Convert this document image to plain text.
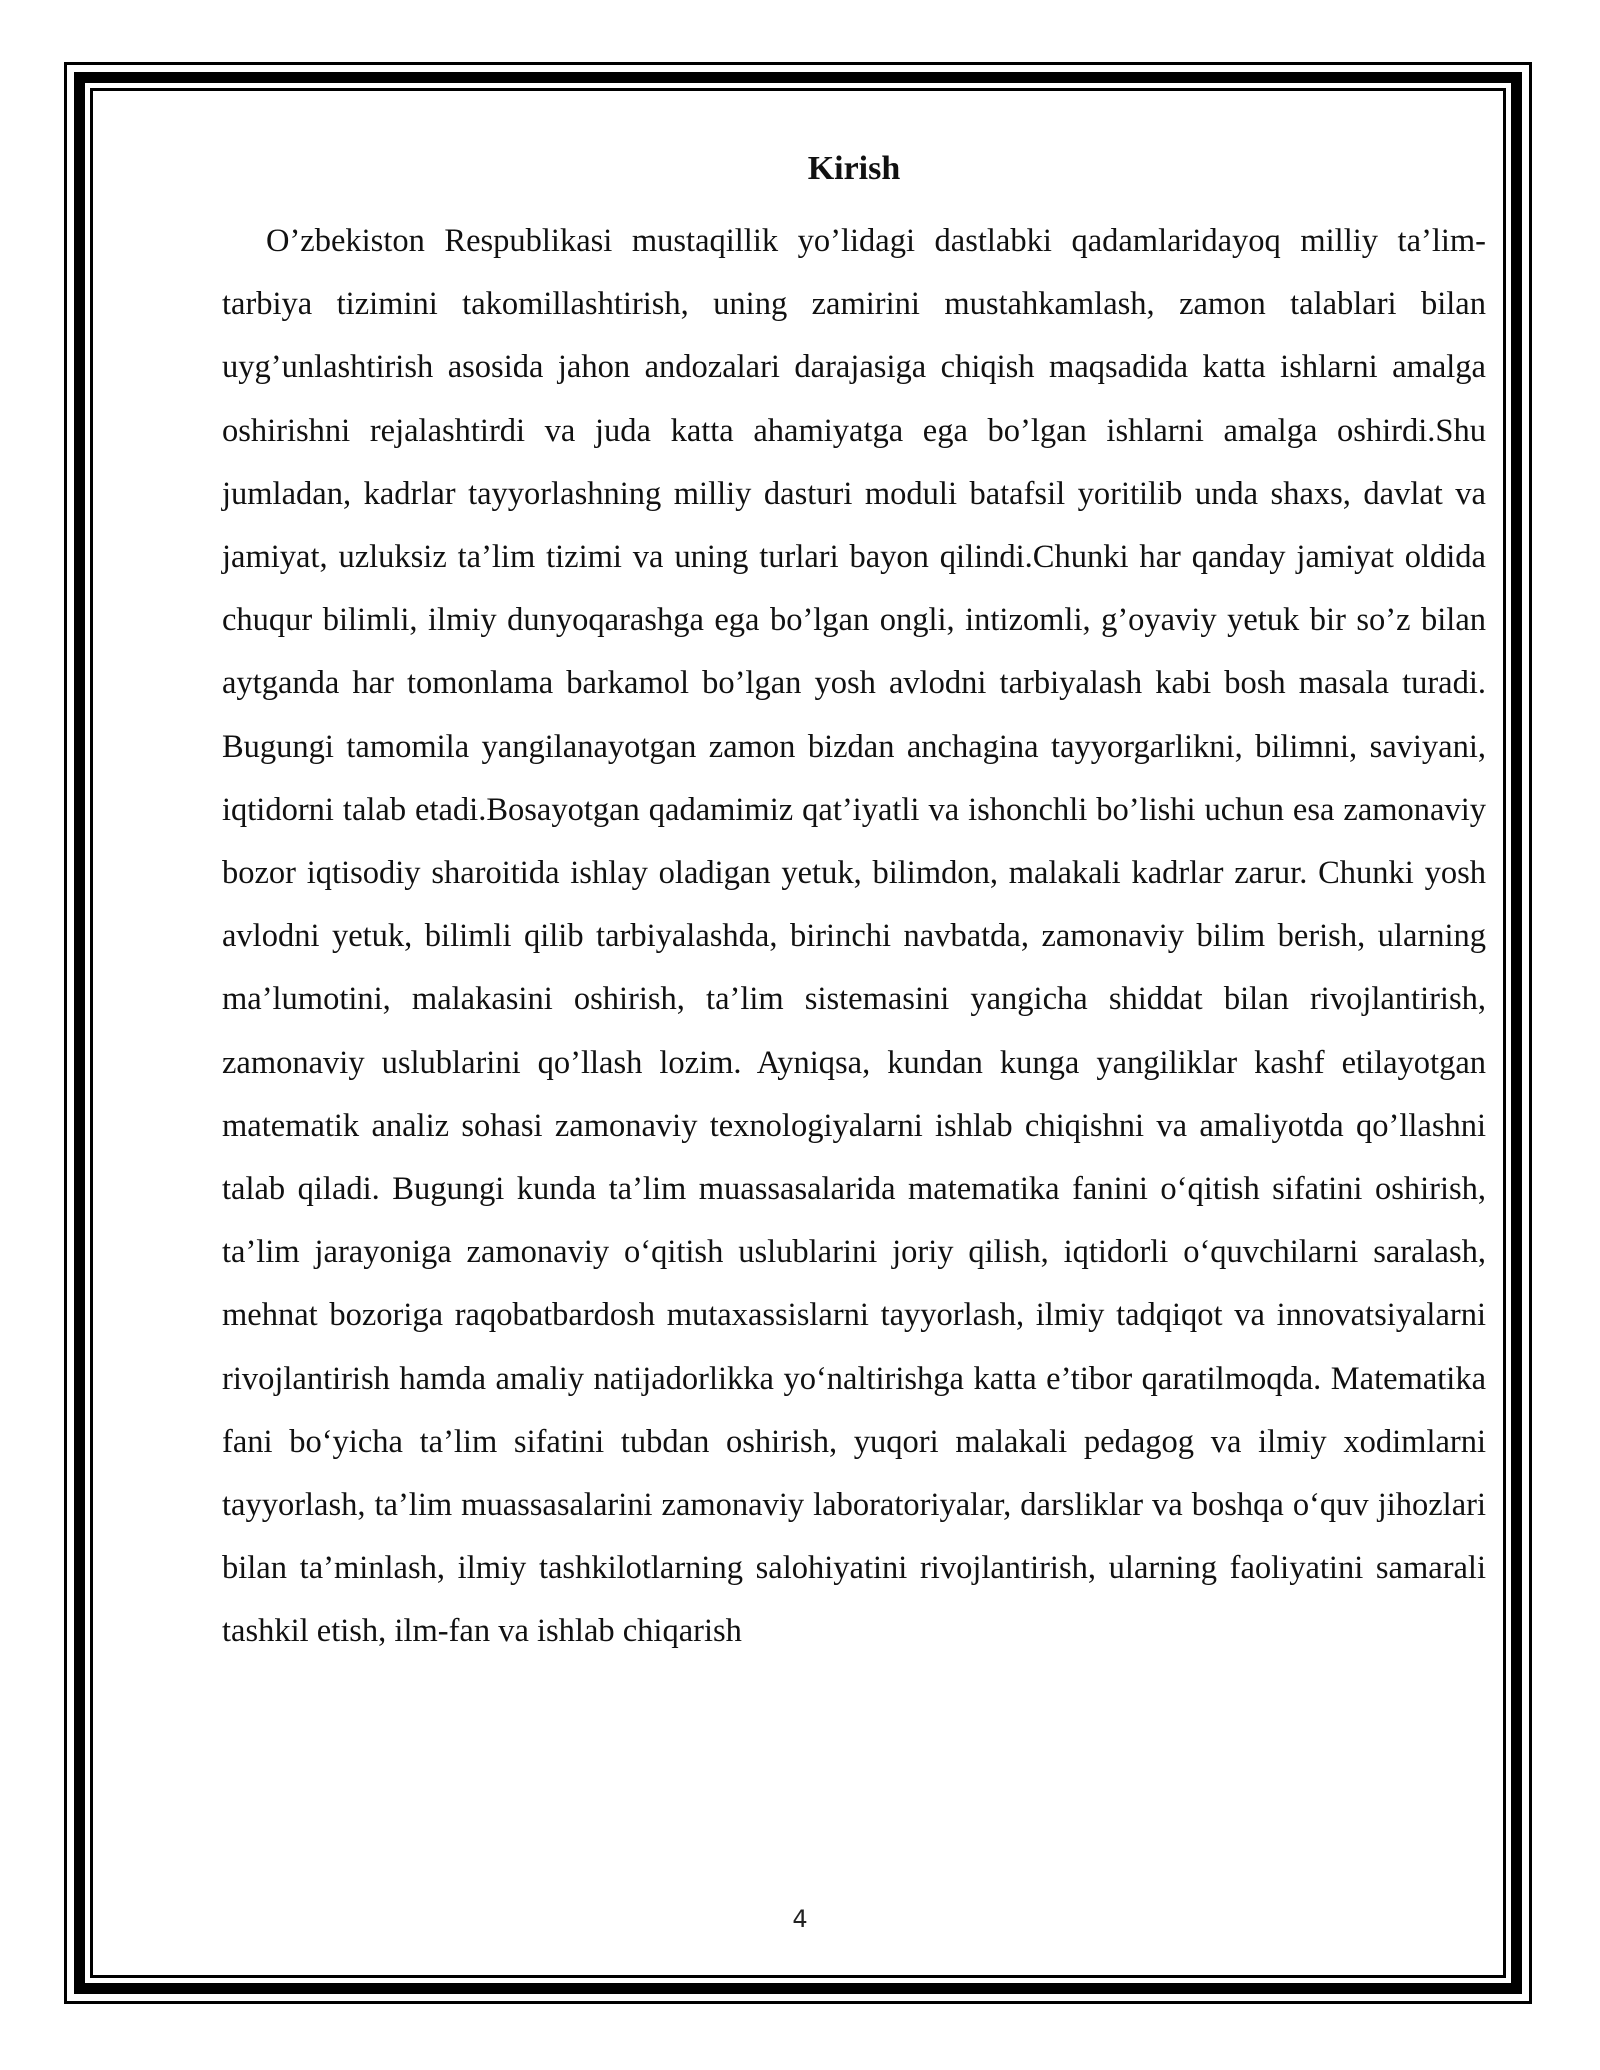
Kirish

O’zbekiston Respublikasi mustaqillik yo’lidagi dastlabki qadamlaridayoq milliy ta’lim-tarbiya tizimini takomillashtirish, uning zamirini mustahkamlash, zamon talablari bilan uyg’unlashtirish asosida jahon andozalari darajasiga chiqish maqsadida katta ishlarni amalga oshirishni rejalashtirdi va juda katta ahamiyatga ega bo’lgan ishlarni amalga oshirdi.Shu jumladan, kadrlar tayyorlashning milliy dasturi moduli batafsil yoritilib unda shaxs, davlat va jamiyat, uzluksiz ta’lim tizimi va uning turlari bayon qilindi.Chunki har qanday jamiyat oldida chuqur bilimli, ilmiy dunyoqarashga ega bo’lgan ongli, intizomli, g’oyaviy yetuk bir so’z bilan aytganda har tomonlama barkamol bo’lgan yosh avlodni tarbiyalash kabi bosh masala turadi. Bugungi tamomila yangilanayotgan zamon bizdan anchagina tayyorgarlikni, bilimni, saviyani, iqtidorni talab etadi.Bosayotgan qadamimiz qat’iyatli va ishonchli bo’lishi uchun esa zamonaviy bozor iqtisodiy sharoitida ishlay oladigan yetuk, bilimdon, malakali kadrlar zarur. Chunki yosh avlodni yetuk, bilimli qilib tarbiyalashda, birinchi navbatda, zamonaviy bilim berish, ularning ma’lumotini, malakasini oshirish, ta’lim sistemasini yangicha shiddat bilan rivojlantirish, zamonaviy uslublarini qo’llash lozim. Ayniqsa, kundan kunga yangiliklar kashf etilayotgan matematik analiz sohasi zamonaviy texnologiyalarni ishlab chiqishni va amaliyotda qo’llashni talab qiladi. Bugungi kunda ta’lim muassasalarida matematika fanini o‘qitish sifatini oshirish, ta’lim jarayoniga zamonaviy o‘qitish uslublarini joriy qilish, iqtidorli o‘quvchilarni saralash, mehnat bozoriga raqobatbardosh mutaxassislarni tayyorlash, ilmiy tadqiqot va innovatsiyalarni rivojlantirish hamda amaliy natijadorlikka yo‘naltirishga katta e’tibor qaratilmoqda. Matematika fani bo‘yicha ta’lim sifatini tubdan oshirish, yuqori malakali pedagog va ilmiy xodimlarni tayyorlash, ta’lim muassasalarini zamonaviy laboratoriyalar, darsliklar va boshqa o‘quv jihozlari bilan ta’minlash, ilmiy tashkilotlarning salohiyatini rivojlantirish, ularning faoliyatini samarali tashkil etish, ilm-fan va ishlab chiqarish

4
